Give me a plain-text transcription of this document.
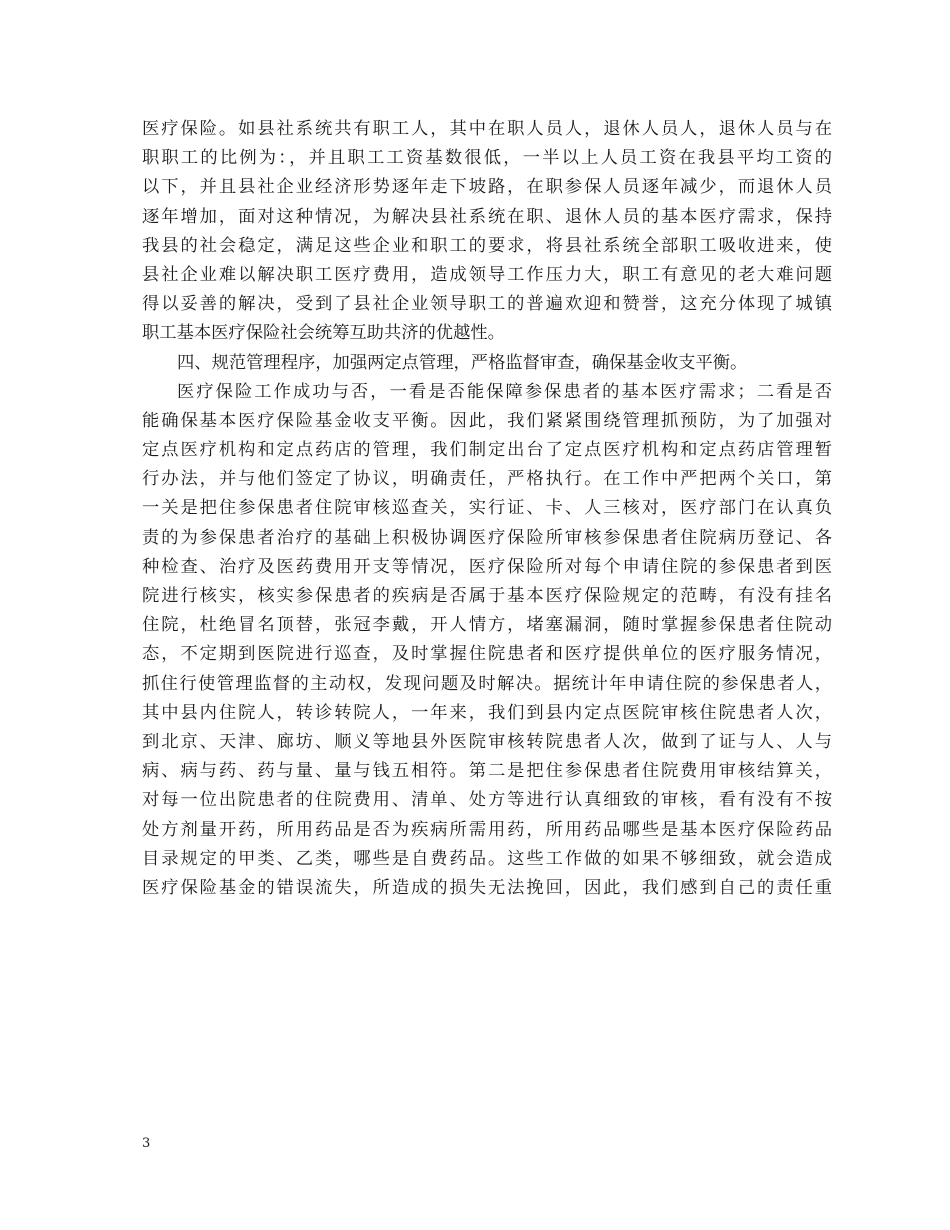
医疗保险。如县社系统共有职工人，其中在职人员人，退休人员人，退休人员与在
职职工的比例为：，并且职工工资基数很低，一半以上人员工资在我县平均工资的
以下，并且县社企业经济形势逐年走下坡路，在职参保人员逐年减少，而退休人员
逐年增加，面对这种情况，为解决县社系统在职、退休人员的基本医疗需求，保持
我县的社会稳定，满足这些企业和职工的要求，将县社系统全部职工吸收进来，使
县社企业难以解决职工医疗费用，造成领导工作压力大，职工有意见的老大难问题
得以妥善的解决，受到了县社企业领导职工的普遍欢迎和赞誉，这充分体现了城镇
职工基本医疗保险社会统筹互助共济的优越性。
四、规范管理程序，加强两定点管理，严格监督审查，确保基金收支平衡。
医疗保险工作成功与否，一看是否能保障参保患者的基本医疗需求；二看是否
能确保基本医疗保险基金收支平衡。因此，我们紧紧围绕管理抓预防，为了加强对
定点医疗机构和定点药店的管理，我们制定出台了定点医疗机构和定点药店管理暂
行办法，并与他们签定了协议，明确责任，严格执行。在工作中严把两个关口，第
一关是把住参保患者住院审核巡查关，实行证、卡、人三核对，医疗部门在认真负
责的为参保患者治疗的基础上积极协调医疗保险所审核参保患者住院病历登记、各
种检查、治疗及医药费用开支等情况，医疗保险所对每个申请住院的参保患者到医
院进行核实，核实参保患者的疾病是否属于基本医疗保险规定的范畴，有没有挂名
住院，杜绝冒名顶替，张冠李戴，开人情方，堵塞漏洞，随时掌握参保患者住院动
态，不定期到医院进行巡查，及时掌握住院患者和医疗提供单位的医疗服务情况，
抓住行使管理监督的主动权，发现问题及时解决。据统计年申请住院的参保患者人，
其中县内住院人，转诊转院人，一年来，我们到县内定点医院审核住院患者人次，
到北京、天津、廊坊、顺义等地县外医院审核转院患者人次，做到了证与人、人与
病、病与药、药与量、量与钱五相符。第二是把住参保患者住院费用审核结算关，
对每一位出院患者的住院费用、清单、处方等进行认真细致的审核，看有没有不按
处方剂量开药，所用药品是否为疾病所需用药，所用药品哪些是基本医疗保险药品
目录规定的甲类、乙类，哪些是自费药品。这些工作做的如果不够细致，就会造成
医疗保险基金的错误流失，所造成的损失无法挽回，因此，我们感到自己的责任重
3
